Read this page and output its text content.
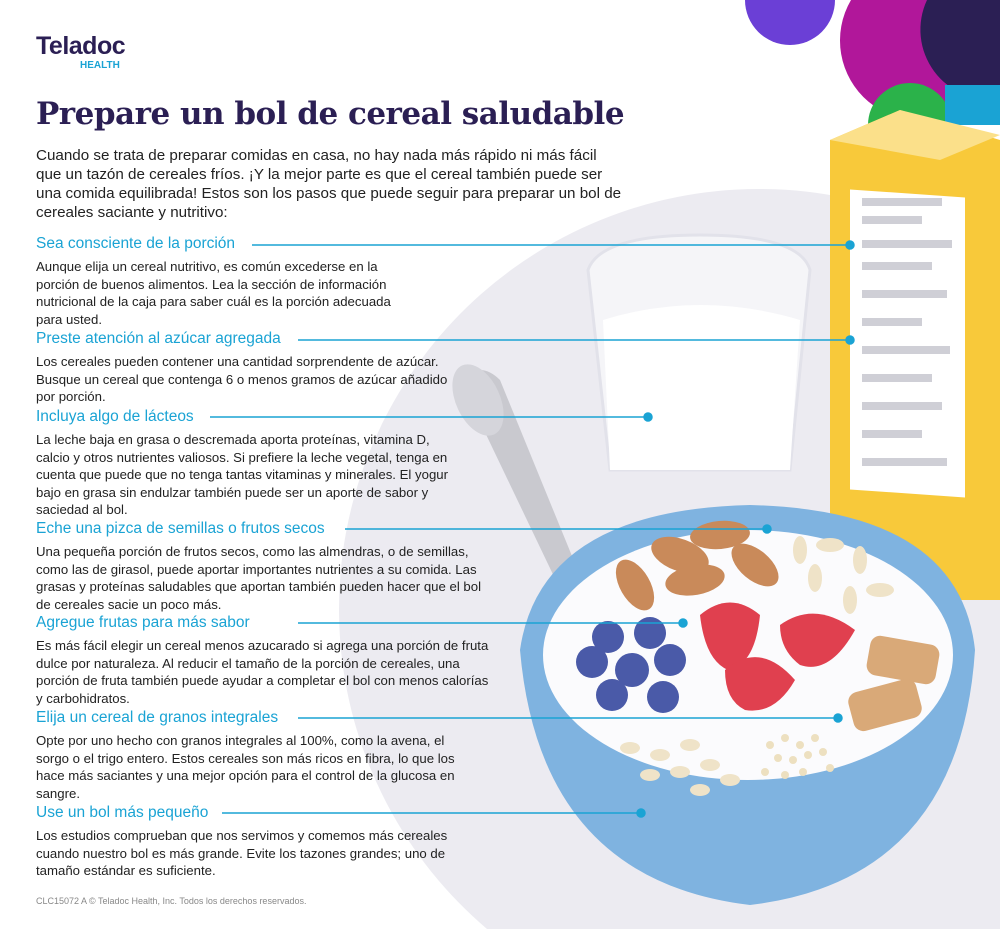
Teladoc
HEALTH
Prepare un bol de cereal saludable

Cuando se trata de preparar comidas en casa, no hay nada más rápido ni más fácil que un tazón de cereales fríos. ¡Y la mejor parte es que el cereal también puede ser una comida equilibrada! Estos son los pasos que puede seguir para preparar un bol de cereales saciante y nutritivo:

Sea consciente de la porción

Aunque elija un cereal nutritivo, es común excederse en la porción de buenos alimentos. Lea la sección de información nutricional de la caja para saber cuál es la porción adecuada para usted.

Preste atención al azúcar agregada

Los cereales pueden contener una cantidad sorprendente de azúcar. Busque un cereal que contenga 6 o menos gramos de azúcar añadido por porción.

Incluya algo de lácteos

La leche baja en grasa o descremada aporta proteínas, vitamina D, calcio y otros nutrientes valiosos. Si prefiere la leche vegetal, tenga en cuenta que puede que no tenga tantas vitaminas y minerales. El yogur bajo en grasa sin endulzar también puede ser un aporte de sabor y saciedad al bol.

Eche una pizca de semillas o frutos secos

Una pequeña porción de frutos secos, como las almendras, o de semillas, como las de girasol, puede aportar importantes nutrientes a su comida. Las grasas y proteínas saludables que aportan también pueden hacer que el bol de cereales sacie un poco más.

Agregue frutas para más sabor

Es más fácil elegir un cereal menos azucarado si agrega una porción de fruta dulce por naturaleza. Al reducir el tamaño de la porción de cereales, una porción de fruta también puede ayudar a completar el bol con menos calorías y carbohidratos.

Elija un cereal de granos integrales

Opte por uno hecho con granos integrales al 100%, como la avena, el sorgo o el trigo entero. Estos cereales son más ricos en fibra, lo que los hace más saciantes y una mejor opción para el control de la glucosa en sangre.

Use un bol más pequeño

Los estudios comprueban que nos servimos y comemos más cereales cuando nuestro bol es más grande. Evite los tazones grandes; uno de tamaño estándar es suficiente.

CLC15072 A © Teladoc Health, Inc. Todos los derechos reservados.
